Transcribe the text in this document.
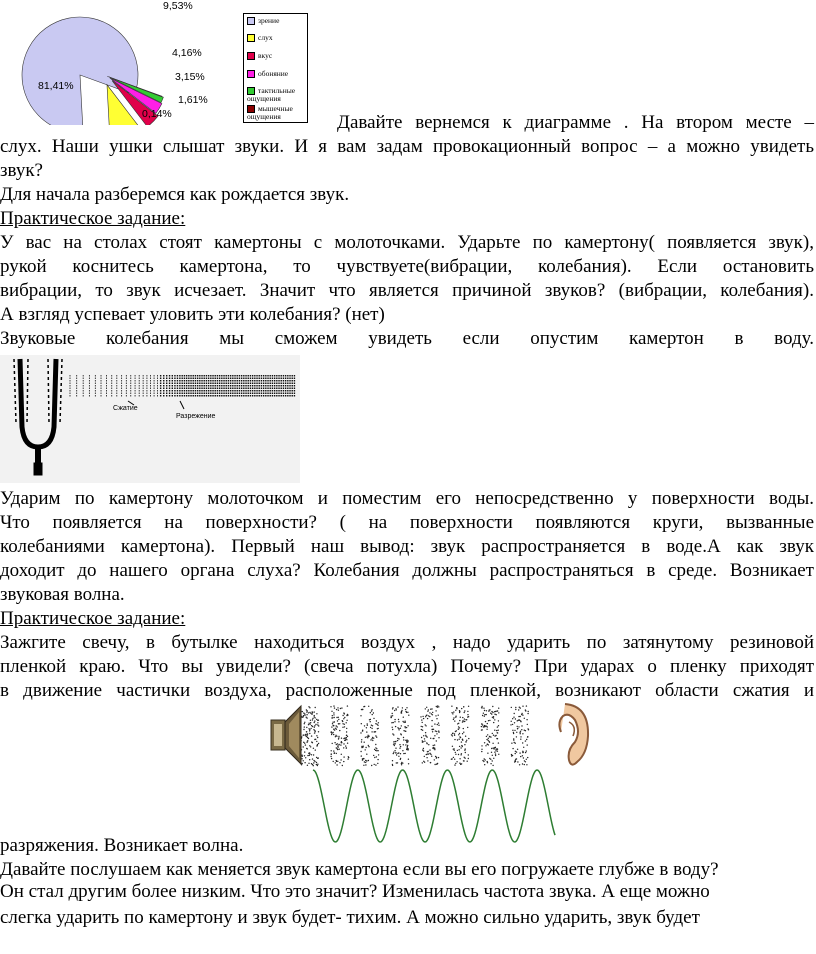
81,41%
9,53%
4,16%
3,15%
1,61%
0,14%
зрение
слух
вкус
обоняние
тактильные ощущения
мышечные ощущения	Давайте вернемся к диаграмме . На втором месте –
слух. Наши ушки слышат звуки. И я вам задам провокационный вопрос – а можно увидеть
звук?
Для начала разберемся как рождается звук.
Практическое задание:
У вас на столах стоят камертоны с молоточками. Ударьте по камертону( появляется звук),
рукой коснитесь камертона, то чувствуете(вибрации, колебания). Если остановить
вибрации, то звук исчезает. Значит что является причиной звуков? (вибрации, колебания).
А взгляд успевает уловить эти колебания? (нет)
Звуковые колебания мы сможем увидеть если опустим камертон в воду.
Сжатие
Разрежение
Ударим по камертону молоточком и поместим его непосредственно у поверхности воды.
Что появляется на поверхности? ( на поверхности появляются круги, вызванные
колебаниями камертона). Первый наш вывод: звук распространяется в воде.А как звук
доходит до нашего органа слуха? Колебания должны распространяться в среде. Возникает
звуковая волна.
Практическое задание:
Зажгите свечу, в бутылке находиться воздух , надо ударить по затянутому резиновой
пленкой краю. Что вы увидели? (свеча потухла) Почему? При ударах о пленку приходят
в движение частички воздуха, расположенные под пленкой, возникают области сжатия и
разряжения. Возникает волна.
Давайте послушаем как меняется звук камертона если вы его погружаете глубже в воду?
Он стал другим более низким. Что это значит? Изменилась частота звука. А еще можно
слегка ударить по камертону и звук будет- тихим. А можно сильно ударить, звук будет
